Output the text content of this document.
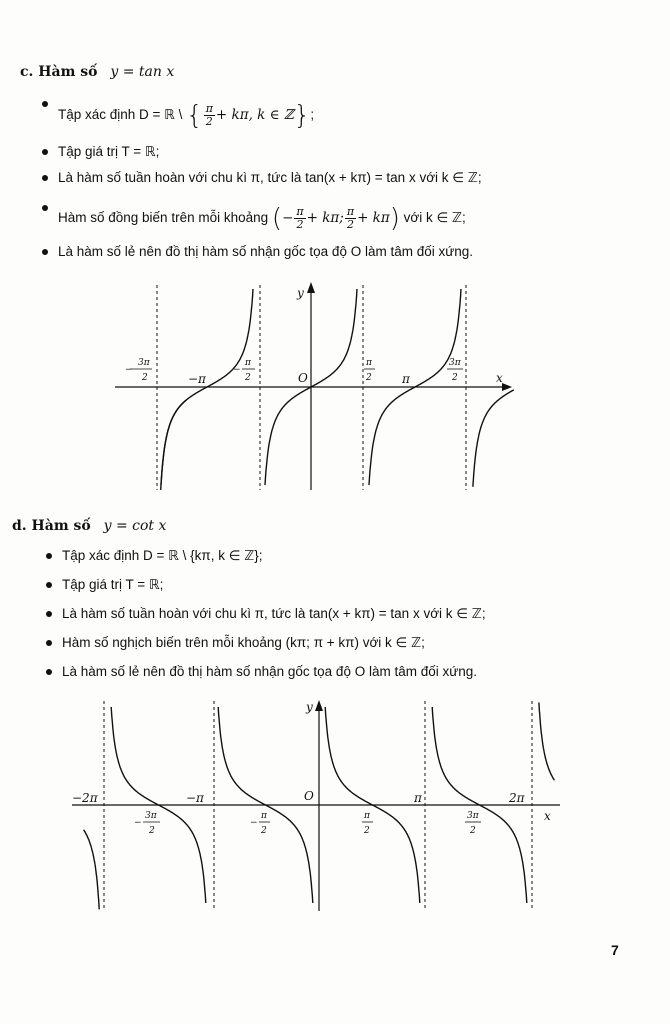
c. Hàm số y = tan x
Tập xác định D = ℝ \ { $\frac{\pi}{2} + k\pi$, k ∈ ℤ};
Tập giá trị T = ℝ;
Là hàm số tuần hoàn với chu kì π, tức là tan(x + kπ) = tan x với k ∈ ℤ;
Hàm số đồng biến trên mỗi khoảng (− $\frac{\pi}{2} + k\pi$; $\frac{\pi}{2} + k\pi$) với k ∈ ℤ;
Là hàm số lẻ nên đồ thị hàm số nhận gốc tọa độ O làm tâm đối xứng.
y
x
O
−π	π
3π
−
2
π
−
2
π
2
3π
2
d. Hàm số y = cot x
Tập xác định D = ℝ \ {kπ, k ∈ ℤ};
Tập giá trị T = ℝ;
Là hàm số tuần hoàn với chu kì π, tức là tan(x + kπ) = tan x với k ∈ ℤ;
Hàm số nghịch biến trên mỗi khoảng (kπ; π + kπ) với k ∈ ℤ;
Là hàm số lẻ nên đồ thị hàm số nhận gốc tọa độ O làm tâm đối xứng.
y
x
O
−2π	−π	π	2π
−
3π
2
−
π
2
π
2
3π
2
7
